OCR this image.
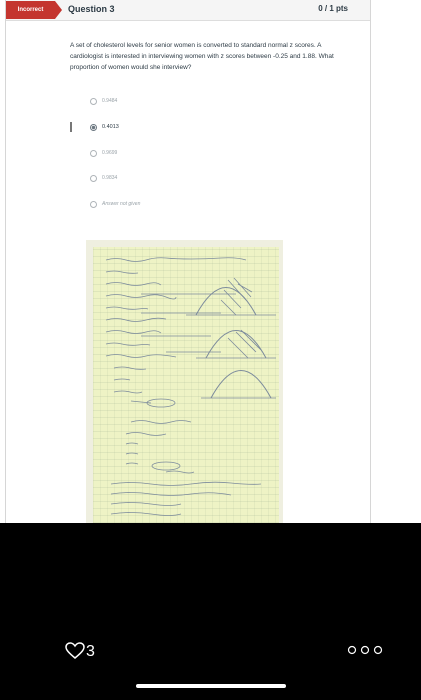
Incorrect	Question 3	0 / 1 pts
A set of cholesterol levels for senior women is converted to standard normal z scores. A cardiologist is interested in interviewing women with z scores between -0.25 and 1.88. What proportion of women would she interview?
0.9484
0.4013
0.9699
0.9834
Answer not given
3
